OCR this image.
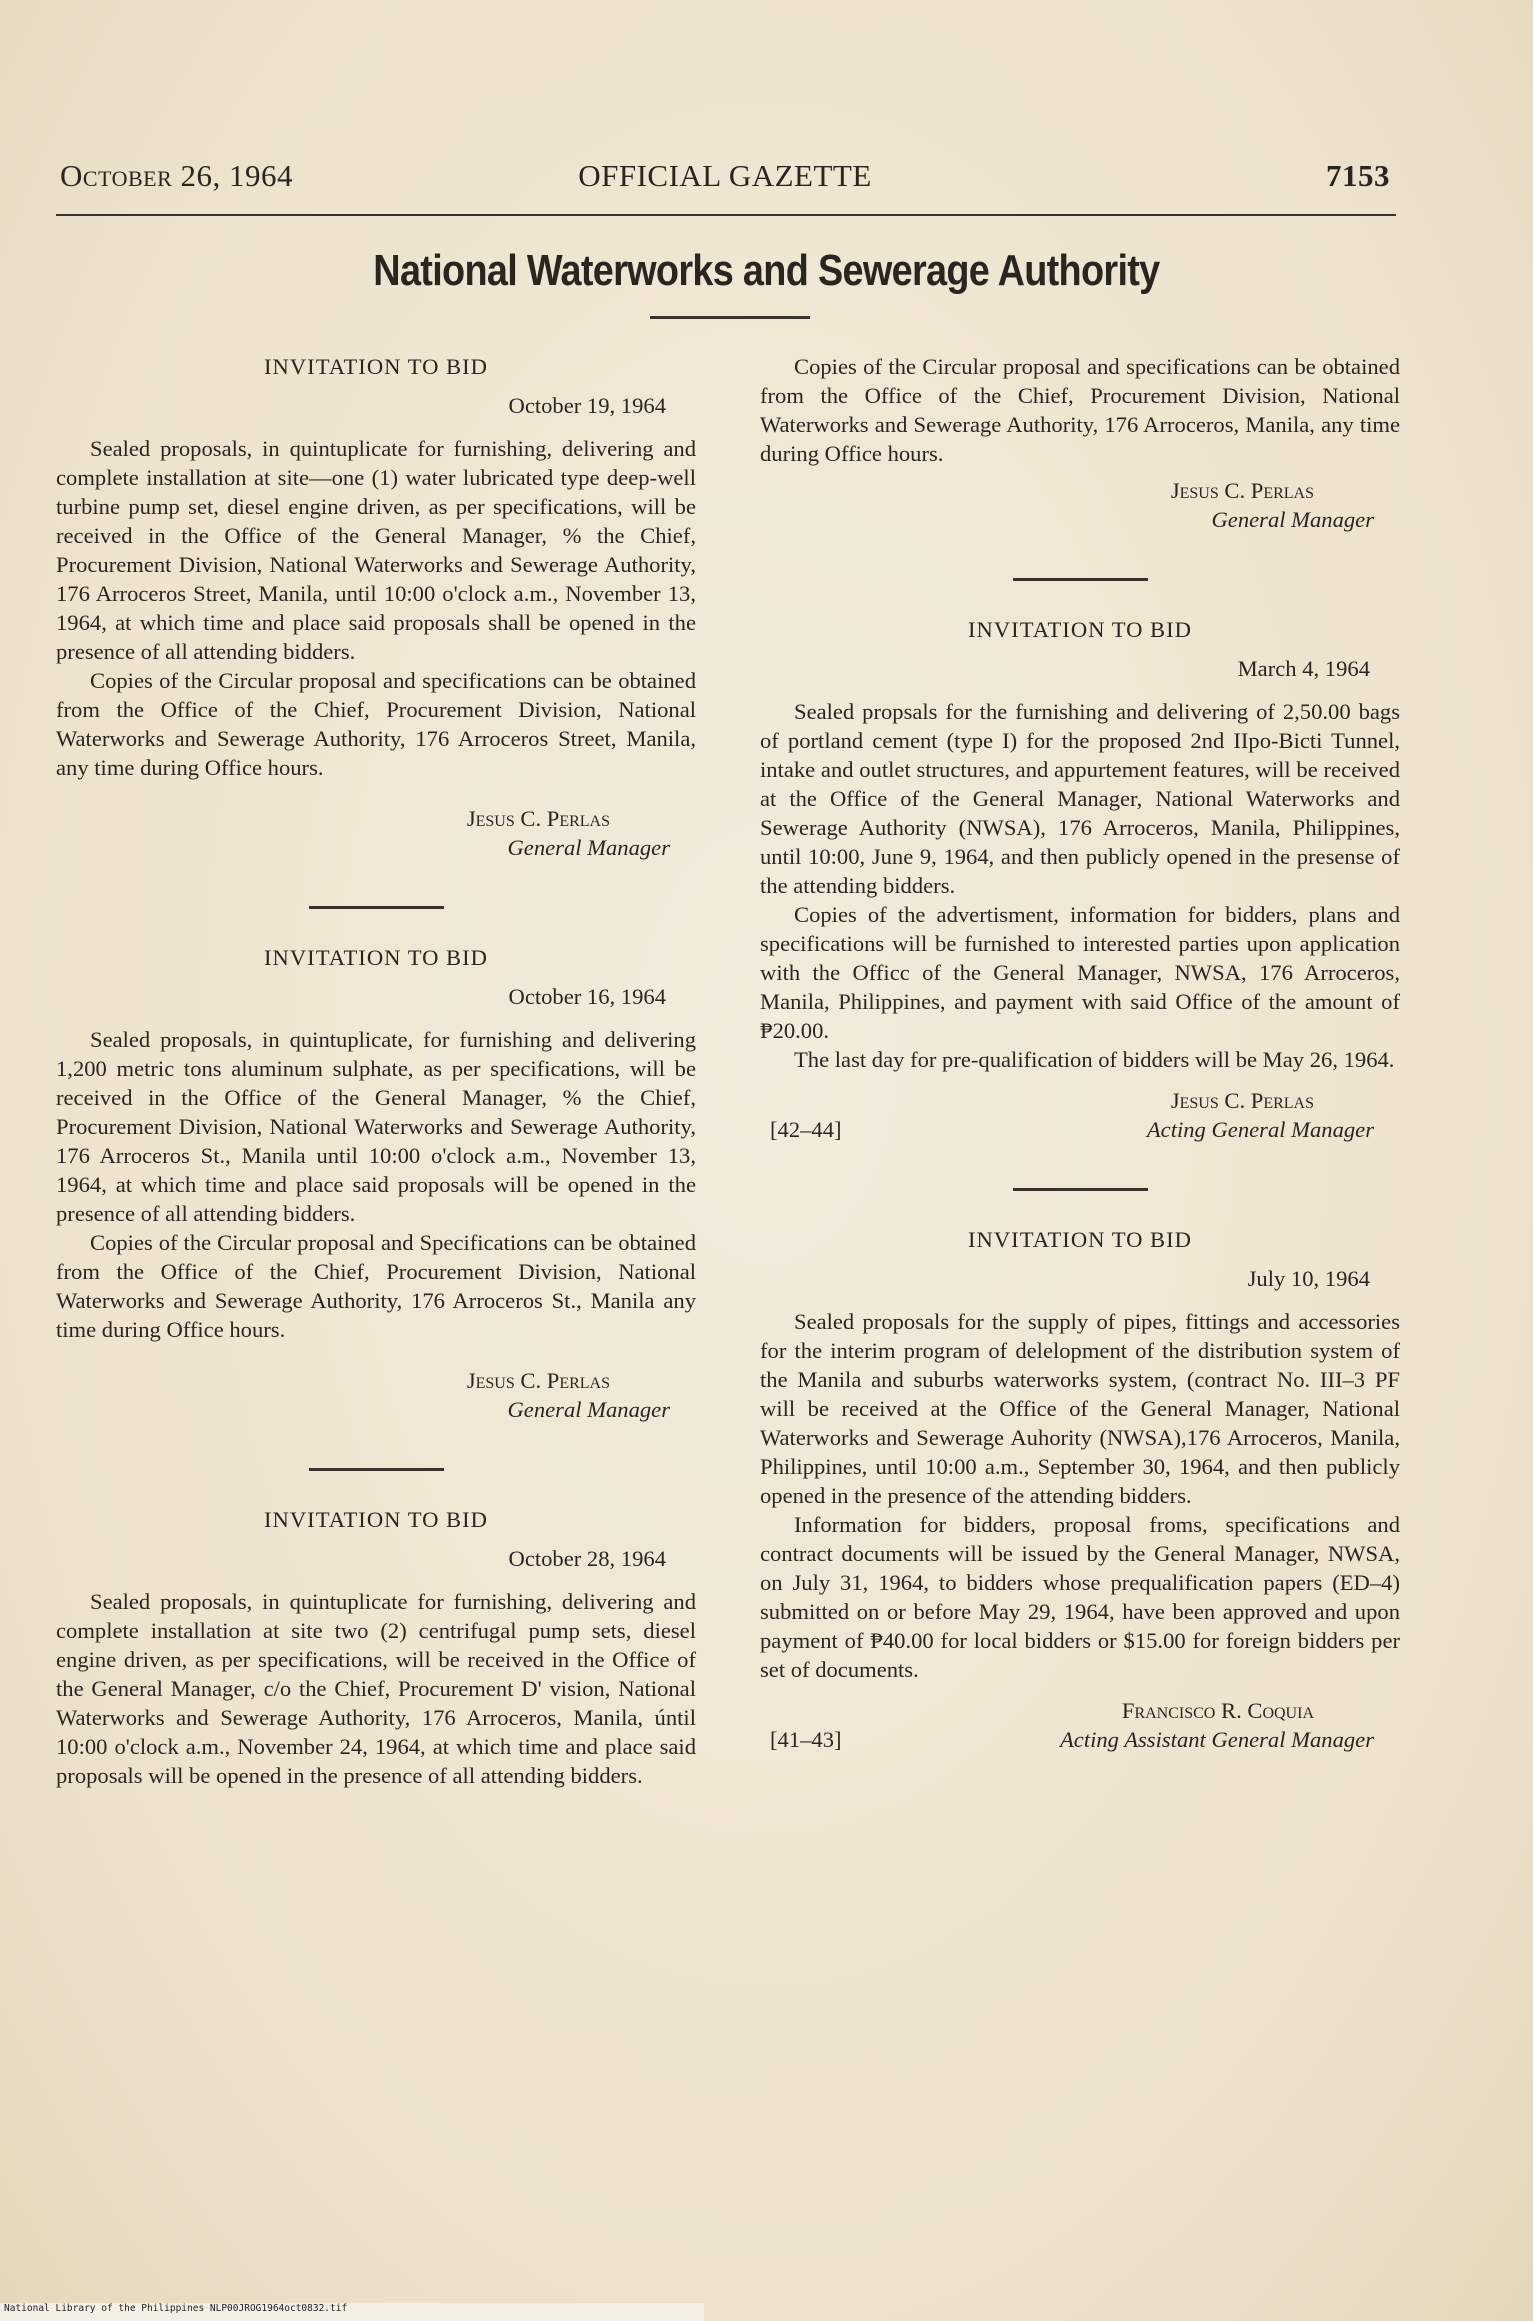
October 26, 1964	OFFICIAL GAZETTE	7153
National Waterworks and Sewerage Authority

INVITATION TO BID

October 19, 1964

Sealed proposals, in quintuplicate for furnishing, delivering and complete installation at site—one (1) water lubricated type deep-well turbine pump set, diesel engine driven, as per specifications, will be received in the Office of the General Manager, % the Chief, Procurement Division, National Waterworks and Sewerage Authority, 176 Arroceros Street, Manila, until 10:00 o'clock a.m., November 13, 1964, at which time and place said proposals shall be opened in the presence of all attending bidders.

Copies of the Circular proposal and specifications can be obtained from the Office of the Chief, Procurement Division, National Waterworks and Sewerage Authority, 176 Arroceros Street, Manila, any time during Office hours.

Jesus C. Perlas
General Manager

INVITATION TO BID

October 16, 1964

Sealed proposals, in quintuplicate, for furnishing and delivering 1,200 metric tons aluminum sulphate, as per specifications, will be received in the Office of the General Manager, % the Chief, Procurement Division, National Waterworks and Sewerage Authority, 176 Arroceros St., Manila until 10:00 o'clock a.m., November 13, 1964, at which time and place said proposals will be opened in the presence of all attending bidders.

Copies of the Circular proposal and Specifications can be obtained from the Office of the Chief, Procurement Division, National Waterworks and Sewerage Authority, 176 Arroceros St., Manila any time during Office hours.

Jesus C. Perlas
General Manager

INVITATION TO BID

October 28, 1964

Sealed proposals, in quintuplicate for furnishing, delivering and complete installation at site two (2) centrifugal pump sets, diesel engine driven, as per specifications, will be received in the Office of the General Manager, c/o the Chief, Procurement D' vision, National Waterworks and Sewerage Authority, 176 Arroceros, Manila, úntil 10:00 o'clock a.m., November 24, 1964, at which time and place said proposals will be opened in the presence of all attending bidders.

Copies of the Circular proposal and specifications can be obtained from the Office of the Chief, Procurement Division, National Waterworks and Sewerage Authority, 176 Arroceros, Manila, any time during Office hours.

Jesus C. Perlas
General Manager

INVITATION TO BID

March 4, 1964

Sealed propsals for the furnishing and delivering of 2,50.00 bags of portland cement (type I) for the proposed 2nd IIpo-Bicti Tunnel, intake and outlet structures, and appurtement features, will be received at the Office of the General Manager, National Waterworks and Sewerage Authority (NWSA), 176 Arroceros, Manila, Philippines, until 10:00, June 9, 1964, and then publicly opened in the presense of the attending bidders.

Copies of the advertisment, information for bidders, plans and specifications will be furnished to interested parties upon application with the Officc of the General Manager, NWSA, 176 Arroceros, Manila, Philippines, and payment with said Office of the amount of ₱20.00.

The last day for pre-qualification of bidders will be May 26, 1964.

[42–44]
Jesus C. Perlas
Acting General Manager

INVITATION TO BID

July 10, 1964

Sealed proposals for the supply of pipes, fittings and accessories for the interim program of delelopment of the distribution system of the Manila and suburbs waterworks system, (contract No. III–3 PF will be received at the Office of the General Manager, National Waterworks and Sewerage Auhority (NWSA),176 Arroceros, Manila, Philippines, until 10:00 a.m., September 30, 1964, and then publicly opened in the presence of the attending bidders.

Information for bidders, proposal froms, specifications and contract documents will be issued by the General Manager, NWSA, on July 31, 1964, to bidders whose prequalification papers (ED–4) submitted on or before May 29, 1964, have been approved and upon payment of ₱40.00 for local bidders or $15.00 for foreign bidders per set of documents.

[41–43]
Francisco R. Coquia
Acting Assistant General Manager
National Library of the Philippines NLP00JROG1964oct0832.tif
